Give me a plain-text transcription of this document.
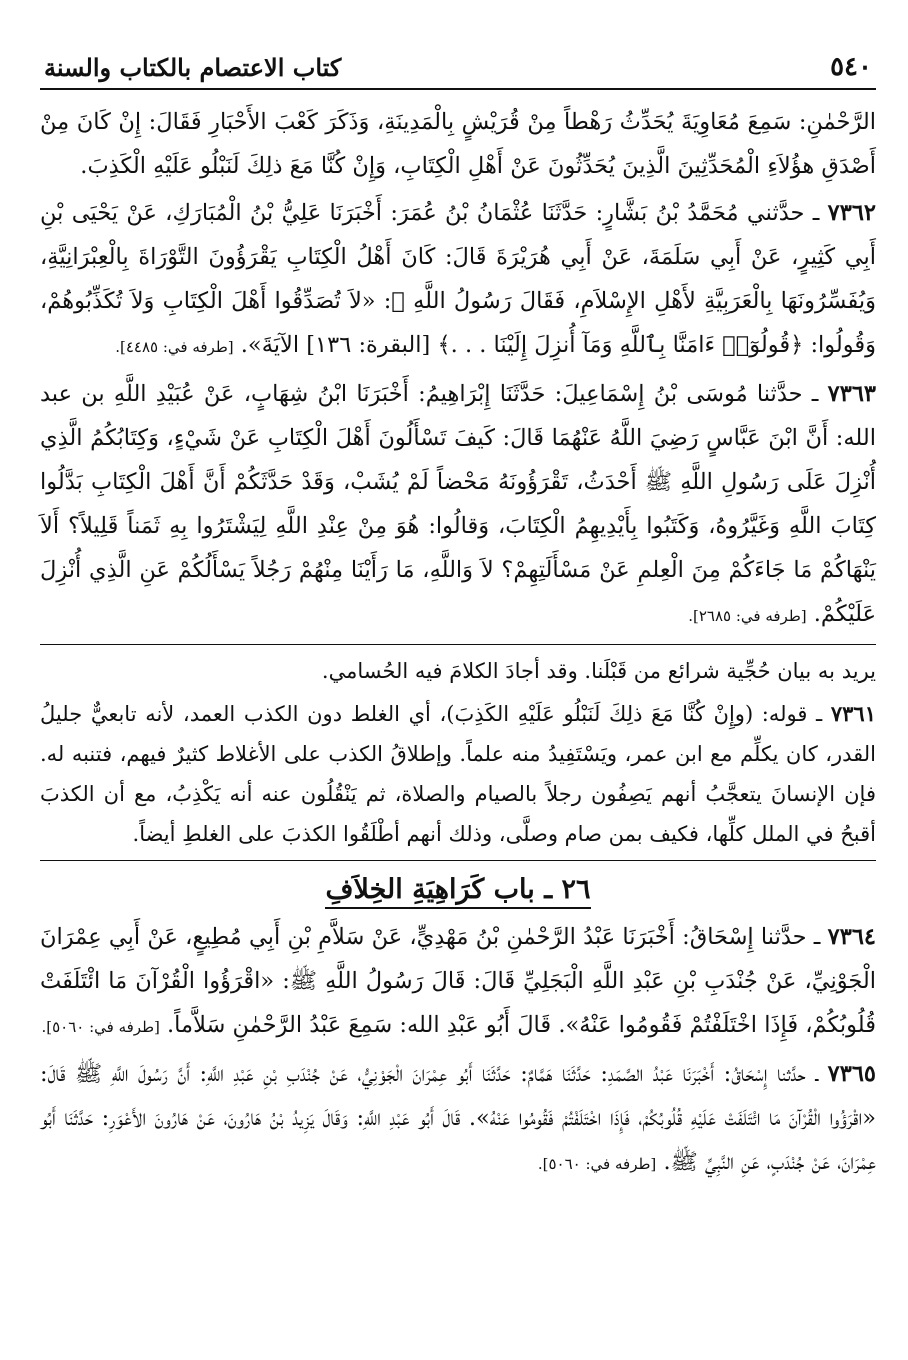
٥٤٠
كتاب الاعتصام بالكتاب والسنة

الرَّحْمٰنِ: سَمِعَ مُعَاوِيَةَ يُحَدِّثُ رَهْطاً مِنْ قُرَيْشٍ بِالْمَدِينَةِ، وَذَكَرَ كَعْبَ الأَحْبَارِ فَقَالَ: إِنْ كَانَ مِنْ أَصْدَقِ هؤُلاَءِ الْمُحَدِّثِينَ الَّذِينَ يُحَدِّثُونَ عَنْ أَهْلِ الْكِتَابِ، وَإِنْ كُنَّا مَعَ ذلِكَ لَنَبْلُو عَلَيْهِ الْكَذِبَ.

٧٣٦٢ ـ حدَّثني مُحَمَّدُ بْنُ بَشَّارٍ: حَدَّثَنَا عُثْمَانُ بْنُ عُمَرَ: أَخْبَرَنَا عَلِيُّ بْنُ الْمُبَارَكِ، عَنْ يَحْيَى بْنِ أَبِي كَثِيرٍ، عَنْ أَبِي سَلَمَةَ، عَنْ أَبِي هُرَيْرَةَ قَالَ: كَانَ أَهْلُ الْكِتَابِ يَقْرَؤُونَ التَّوْرَاةَ بِالْعِبْرَانِيَّةِ، وَيُفَسِّرُونَهَا بِالْعَرَبِيَّةِ لأَهْلِ الإِسْلاَمِ، فَقَالَ رَسُولُ اللَّهِ ﷺ: «لاَ تُصَدِّقُوا أَهْلَ الْكِتَابِ وَلاَ تُكَذِّبُوهُمْ، وَقُولُوا: ﴿قُولُوٓا۟ ءَامَنَّا بِٱللَّهِ وَمَآ أُنزِلَ إِلَيْنَا . . .﴾ [البقرة: ١٣٦] الآيَةَ». [طرفه في: ٤٤٨٥].

٧٣٦٣ ـ حدَّثنا مُوسَى بْنُ إِسْمَاعِيلَ: حَدَّثَنَا إِبْرَاهِيمُ: أَخْبَرَنَا ابْنُ شِهَابٍ، عَنْ عُبَيْدِ اللَّهِ بن عبد الله: أَنَّ ابْنَ عَبَّاسٍ رَضِيَ اللَّهُ عَنْهُمَا قَالَ: كَيفَ تَسْأَلُونَ أَهْلَ الْكِتَابِ عَنْ شَيْءٍ، وَكِتَابُكُمُ الَّذِي أُنْزِلَ عَلَى رَسُولِ اللَّهِ ﷺ أَحْدَثُ، تَقْرَؤُونَهُ مَحْضاً لَمْ يُشَبْ، وَقَدْ حَدَّثَكُمْ أَنَّ أَهْلَ الْكِتَابِ بَدَّلُوا كِتَابَ اللَّهِ وَغَيَّرُوهُ، وَكَتَبُوا بِأَيْدِيهِمُ الْكِتَابَ، وَقالُوا: هُوَ مِنْ عِنْدِ اللَّهِ لِيَشْتَرُوا بِهِ ثَمَناً قَلِيلاً؟ أَلاَ يَنْهَاكُمْ مَا جَاءَكُمْ مِنَ الْعِلمِ عَنْ مَسْأَلَتِهِمْ؟ لاَ وَاللَّهِ، مَا رَأَيْنَا مِنْهُمْ رَجُلاً يَسْأَلُكُمْ عَنِ الَّذِي أُنْزِلَ عَلَيْكُمْ. [طرفه في: ٢٦٨٥].

يريد به بيان حُجِّية شرائع من قَبْلَنا. وقد أجادَ الكلامَ فيه الحُسامي.

٧٣٦١ ـ قوله: (وإِنْ كُنَّا مَعَ ذلِكَ لَنَبْلُو عَلَيْهِ الكَذِبَ)، أي الغلط دون الكذب العمد، لأنه تابعيٌّ جليلُ القدر، كان يكلِّم مع ابن عمر، ويَسْتَفِيدُ منه علماً. وإطلاقُ الكذب على الأغلاط كثيرٌ فيهم، فتنبه له. فإن الإنسانَ يتعجَّبُ أنهم يَصِفُون رجلاً بالصيام والصلاة، ثم يَنْقُلُون عنه أنه يَكْذِبُ، مع أن الكذبَ أقبحُ في الملل كلِّها، فكيف بمن صام وصلَّى، وذلك أنهم أطْلَقُوا الكذبَ على الغلطِ أيضاً.

٢٦ ـ باب كَرَاهِيَةِ الخِلاَفِ

٧٣٦٤ ـ حدَّثنا إِسْحَاقُ: أَخْبَرَنَا عَبْدُ الرَّحْمٰنِ بْنُ مَهْدِيٍّ، عَنْ سَلاَّمِ بْنِ أَبِي مُطِيعٍ، عَنْ أَبِي عِمْرَانَ الْجَوْنِيِّ، عَنْ جُنْدَبِ بْنِ عَبْدِ اللَّهِ الْبَجَلِيِّ قَالَ: قَالَ رَسُولُ اللَّهِ ﷺ: «اقْرَؤُوا الْقُرْآنَ مَا ائْتَلَفَتْ قُلُوبُكُمْ، فَإِذَا اخْتَلَفْتُمْ فَقُومُوا عَنْهُ». قَالَ أَبُو عَبْدِ الله: سَمِعَ عَبْدُ الرَّحْمٰنِ سَلاَّماً. [طرفه في: ٥٠٦٠].

٧٣٦٥ ـ حدَّثنا إِسْحَاقُ: أَخْبَرَنَا عَبْدُ الصَّمَدِ: حَدَّثَنَا هَمَّامٌ: حَدَّثَنَا أَبُو عِمْرَانَ الْجَوْنِيُّ، عَنْ جُنْدَبِ بْنِ عَبْدِ اللَّهِ: أَنَّ رَسُولَ اللَّهِ ﷺ قَالَ: «اقْرَؤُوا الْقُرْآنَ مَا ائْتَلَفَتْ عَلَيْهِ قُلُوبُكُمْ، فَإِذَا اخْتَلَفْتُمْ فَقُومُوا عَنْهُ». قَالَ أَبُو عَبْدِ اللَّهِ: وَقَالَ يَزِيدُ بْنُ هَارُونَ، عَنْ هَارُونَ الأَعْوَرِ: حَدَّثَنَا أَبُو عِمْرَانَ، عَنْ جُنْدَبٍ، عَنِ النَّبِيِّ ﷺ. [طرفه في: ٥٠٦٠].
